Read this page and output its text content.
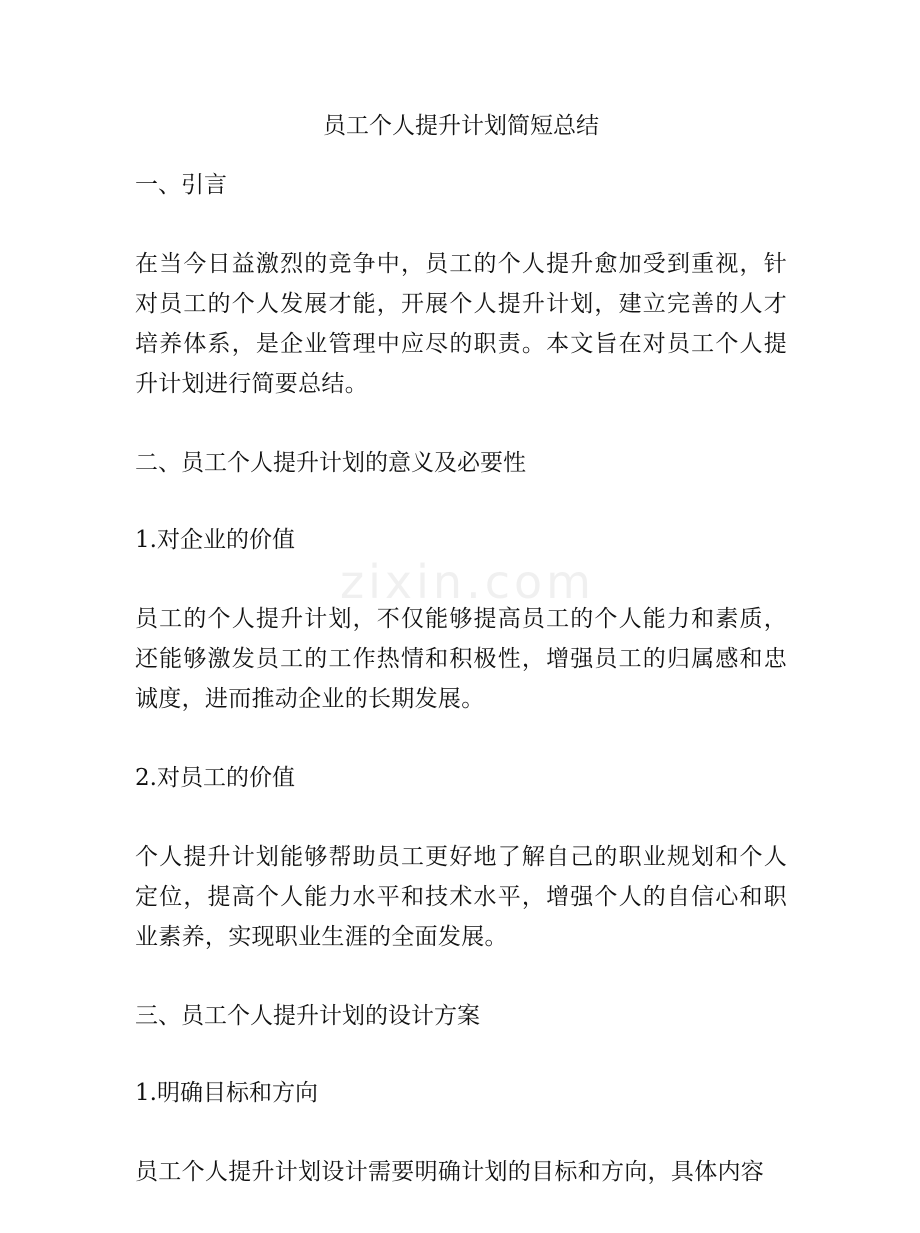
zixin.com
员工个人提升计划简短总结

一、引言

在当今日益激烈的竞争中，员工的个人提升愈加受到重视，针对员工的个人发展才能，开展个人提升计划，建立完善的人才培养体系，是企业管理中应尽的职责。本文旨在对员工个人提升计划进行简要总结。

二、员工个人提升计划的意义及必要性

1.对企业的价值

员工的个人提升计划，不仅能够提高员工的个人能力和素质，还能够激发员工的工作热情和积极性，增强员工的归属感和忠诚度，进而推动企业的长期发展。

2.对员工的价值

个人提升计划能够帮助员工更好地了解自己的职业规划和个人定位，提高个人能力水平和技术水平，增强个人的自信心和职业素养，实现职业生涯的全面发展。

三、员工个人提升计划的设计方案

1.明确目标和方向

员工个人提升计划设计需要明确计划的目标和方向，具体内容
